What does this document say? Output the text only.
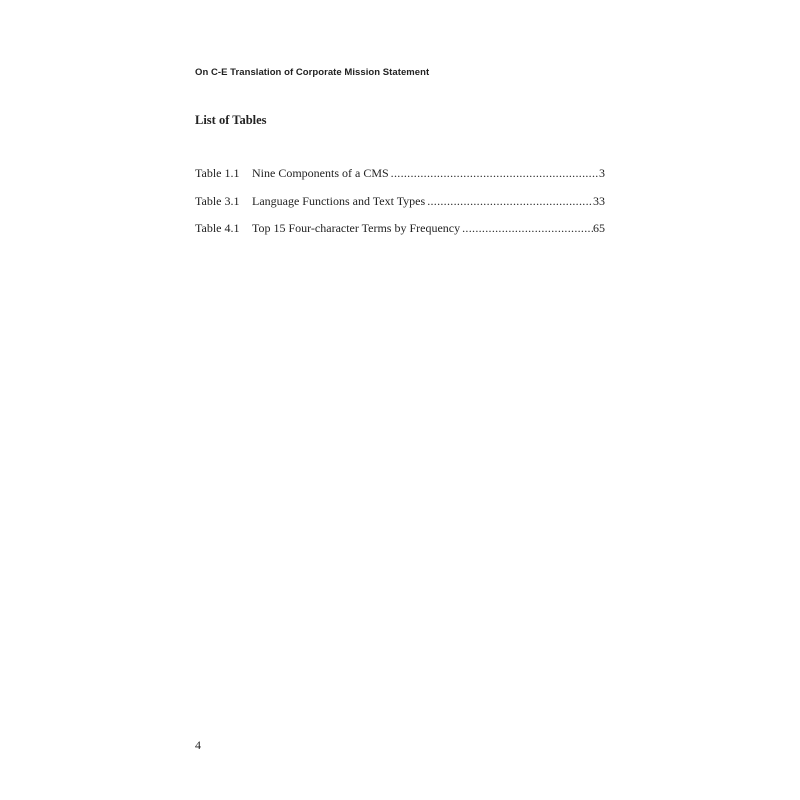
On C-E Translation of Corporate Mission Statement
List of Tables
Table 1.1	Nine Components of a CMS .....	3
Table 3.1	Language Functions and Text Types .....	33
Table 4.1	Top 15 Four-character Terms by Frequency .....	65
4
